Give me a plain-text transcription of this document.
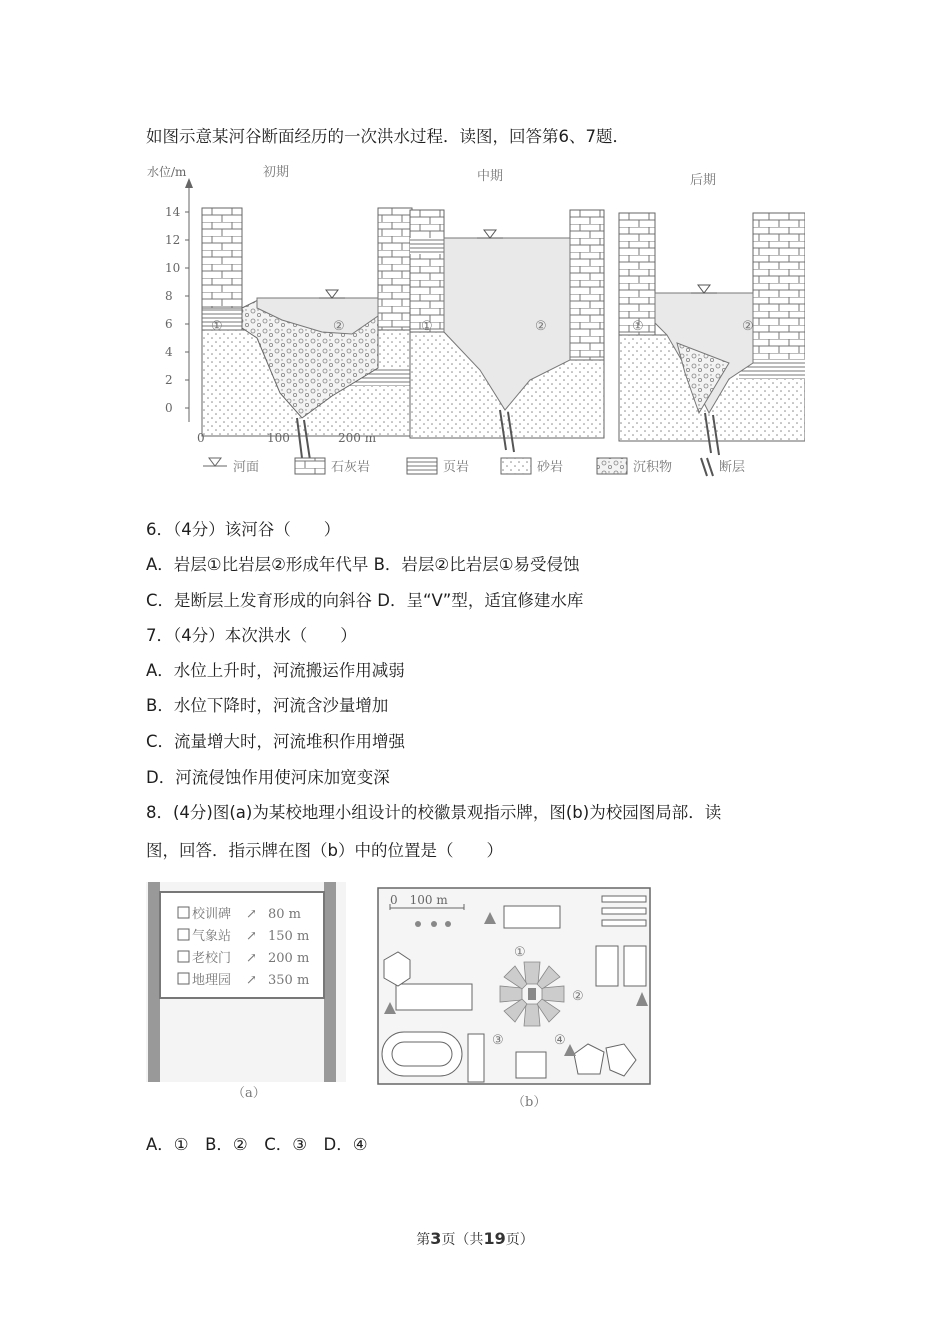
如图示意某河谷断面经历的一次洪水过程．读图，回答第6、7题．
水位/m
14
12
10
8
6
4
2
0
①	②	①	②	①	②
初期	中期	后期
0	100	200 m
河面	石灰岩	页岩	砂岩	沉积物	断层
6．（4分）该河谷（　　）
A．岩层①比岩层②形成年代早 B．岩层②比岩层①易受侵蚀
C．是断层上发育形成的向斜谷 D．呈“V”型，适宜修建水库
7．（4分）本次洪水（　　）
A．水位上升时，河流搬运作用减弱
B．水位下降时，河流含沙量增加
C．流量增大时，河流堆积作用增强
D．河流侵蚀作用使河床加宽变深
8．(4分)图(a)为某校地理小组设计的校徽景观指示牌，图(b)为校园图局部．读
图，回答．指示牌在图（b）中的位置是（　　）
校训碑 ↗ 80 m
气象站 ↗ 150 m
老校门 ↗ 200 m
地理园 ↗ 350 m
（a）
0　100 m
①
②
③	④
（b）
A．①　B．②　C．③　D．④
第3页（共19页）
